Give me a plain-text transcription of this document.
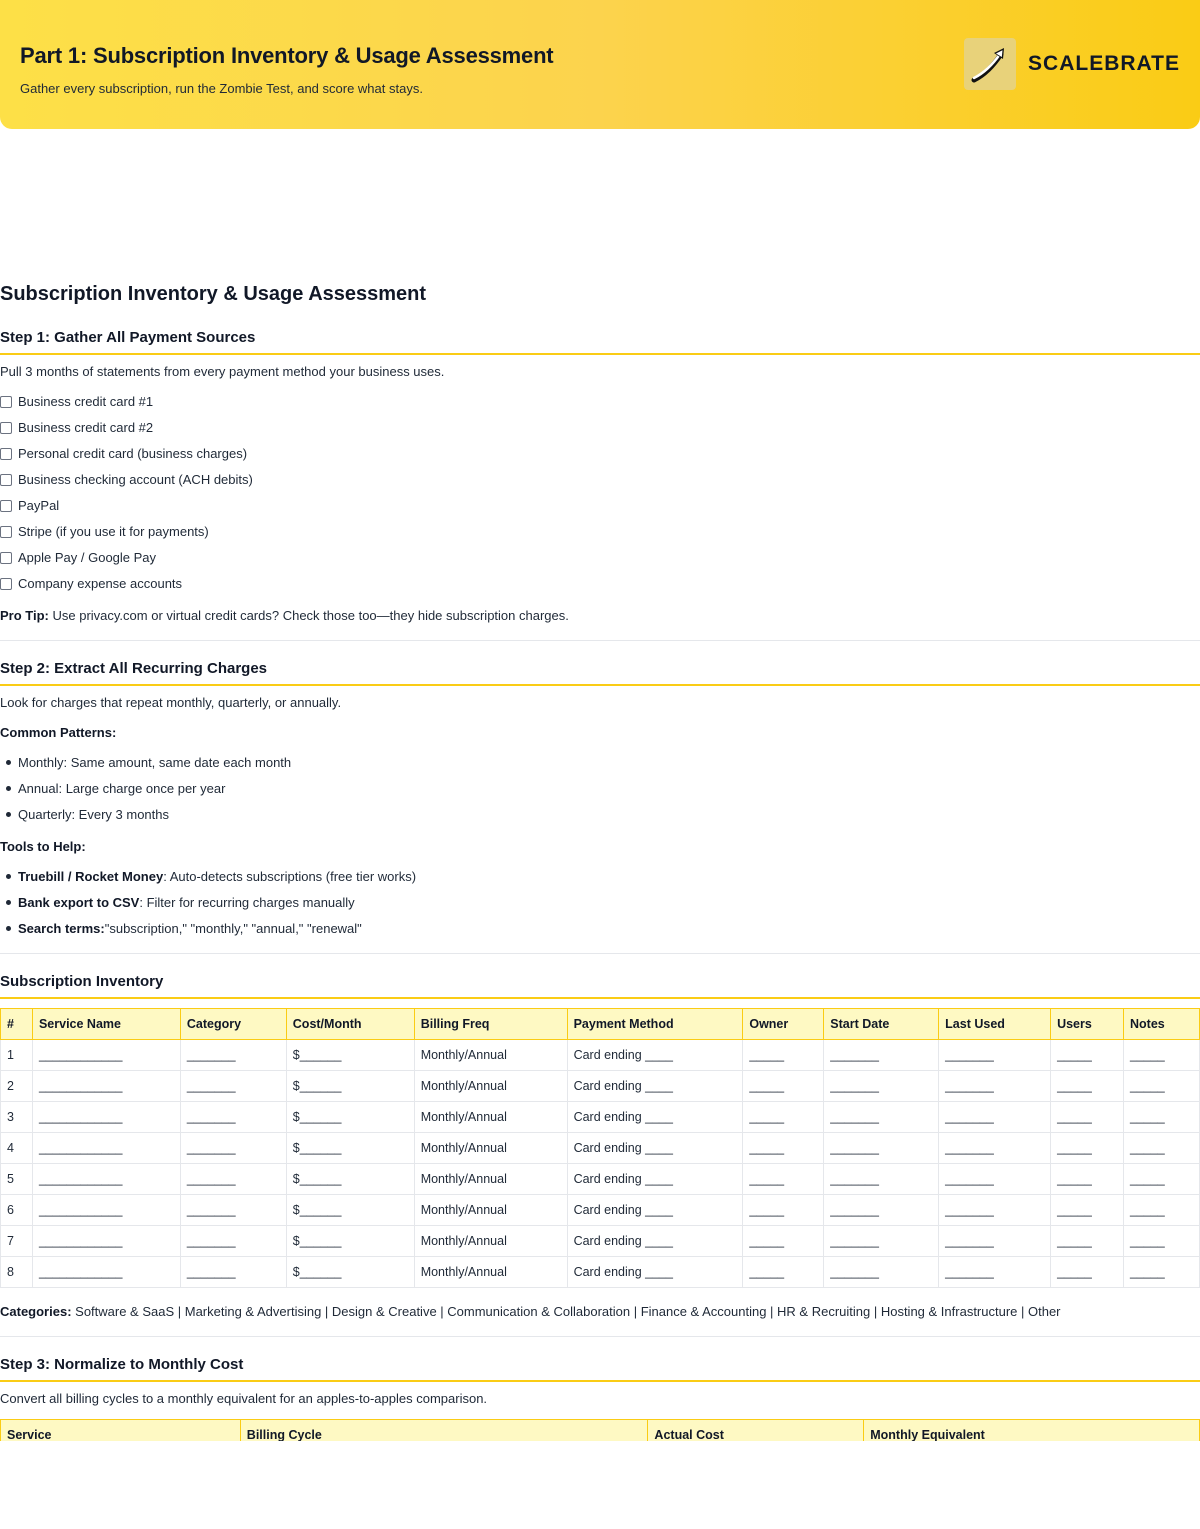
Part 1: Subscription Inventory & Usage Assessment
Gather every subscription, run the Zombie Test, and score what stays.
SCALEBRATE
Subscription Inventory & Usage Assessment
Step 1: Gather All Payment Sources
Pull 3 months of statements from every payment method your business uses.
Business credit card #1
Business credit card #2
Personal credit card (business charges)
Business checking account (ACH debits)
PayPal
Stripe (if you use it for payments)
Apple Pay / Google Pay
Company expense accounts
Pro Tip: Use privacy.com or virtual credit cards? Check those too—they hide subscription charges.
Step 2: Extract All Recurring Charges
Look for charges that repeat monthly, quarterly, or annually.
Common Patterns:
Monthly: Same amount, same date each month
Annual: Large charge once per year
Quarterly: Every 3 months
Tools to Help:
Truebill / Rocket Money : Auto-detects subscriptions (free tier works)
Bank export to CSV : Filter for recurring charges manually
Search terms: "subscription," "monthly," "annual," "renewal"
Subscription Inventory
#	Service Name	Category	Cost/Month	Billing Freq	Payment Method	Owner	Start Date	Last Used	Users	Notes
1	____________	_______	$______	Monthly/Annual	Card ending ____	_____	_______	_______	_____	_____
2	____________	_______	$______	Monthly/Annual	Card ending ____	_____	_______	_______	_____	_____
3	____________	_______	$______	Monthly/Annual	Card ending ____	_____	_______	_______	_____	_____
4	____________	_______	$______	Monthly/Annual	Card ending ____	_____	_______	_______	_____	_____
5	____________	_______	$______	Monthly/Annual	Card ending ____	_____	_______	_______	_____	_____
6	____________	_______	$______	Monthly/Annual	Card ending ____	_____	_______	_______	_____	_____
7	____________	_______	$______	Monthly/Annual	Card ending ____	_____	_______	_______	_____	_____
8	____________	_______	$______	Monthly/Annual	Card ending ____	_____	_______	_______	_____	_____
Categories: Software & SaaS | Marketing & Advertising | Design & Creative | Communication & Collaboration | Finance & Accounting | HR & Recruiting | Hosting & Infrastructure | Other
Step 3: Normalize to Monthly Cost
Convert all billing cycles to a monthly equivalent for an apples-to-apples comparison.
Service	Billing Cycle	Actual Cost	Monthly Equivalent
